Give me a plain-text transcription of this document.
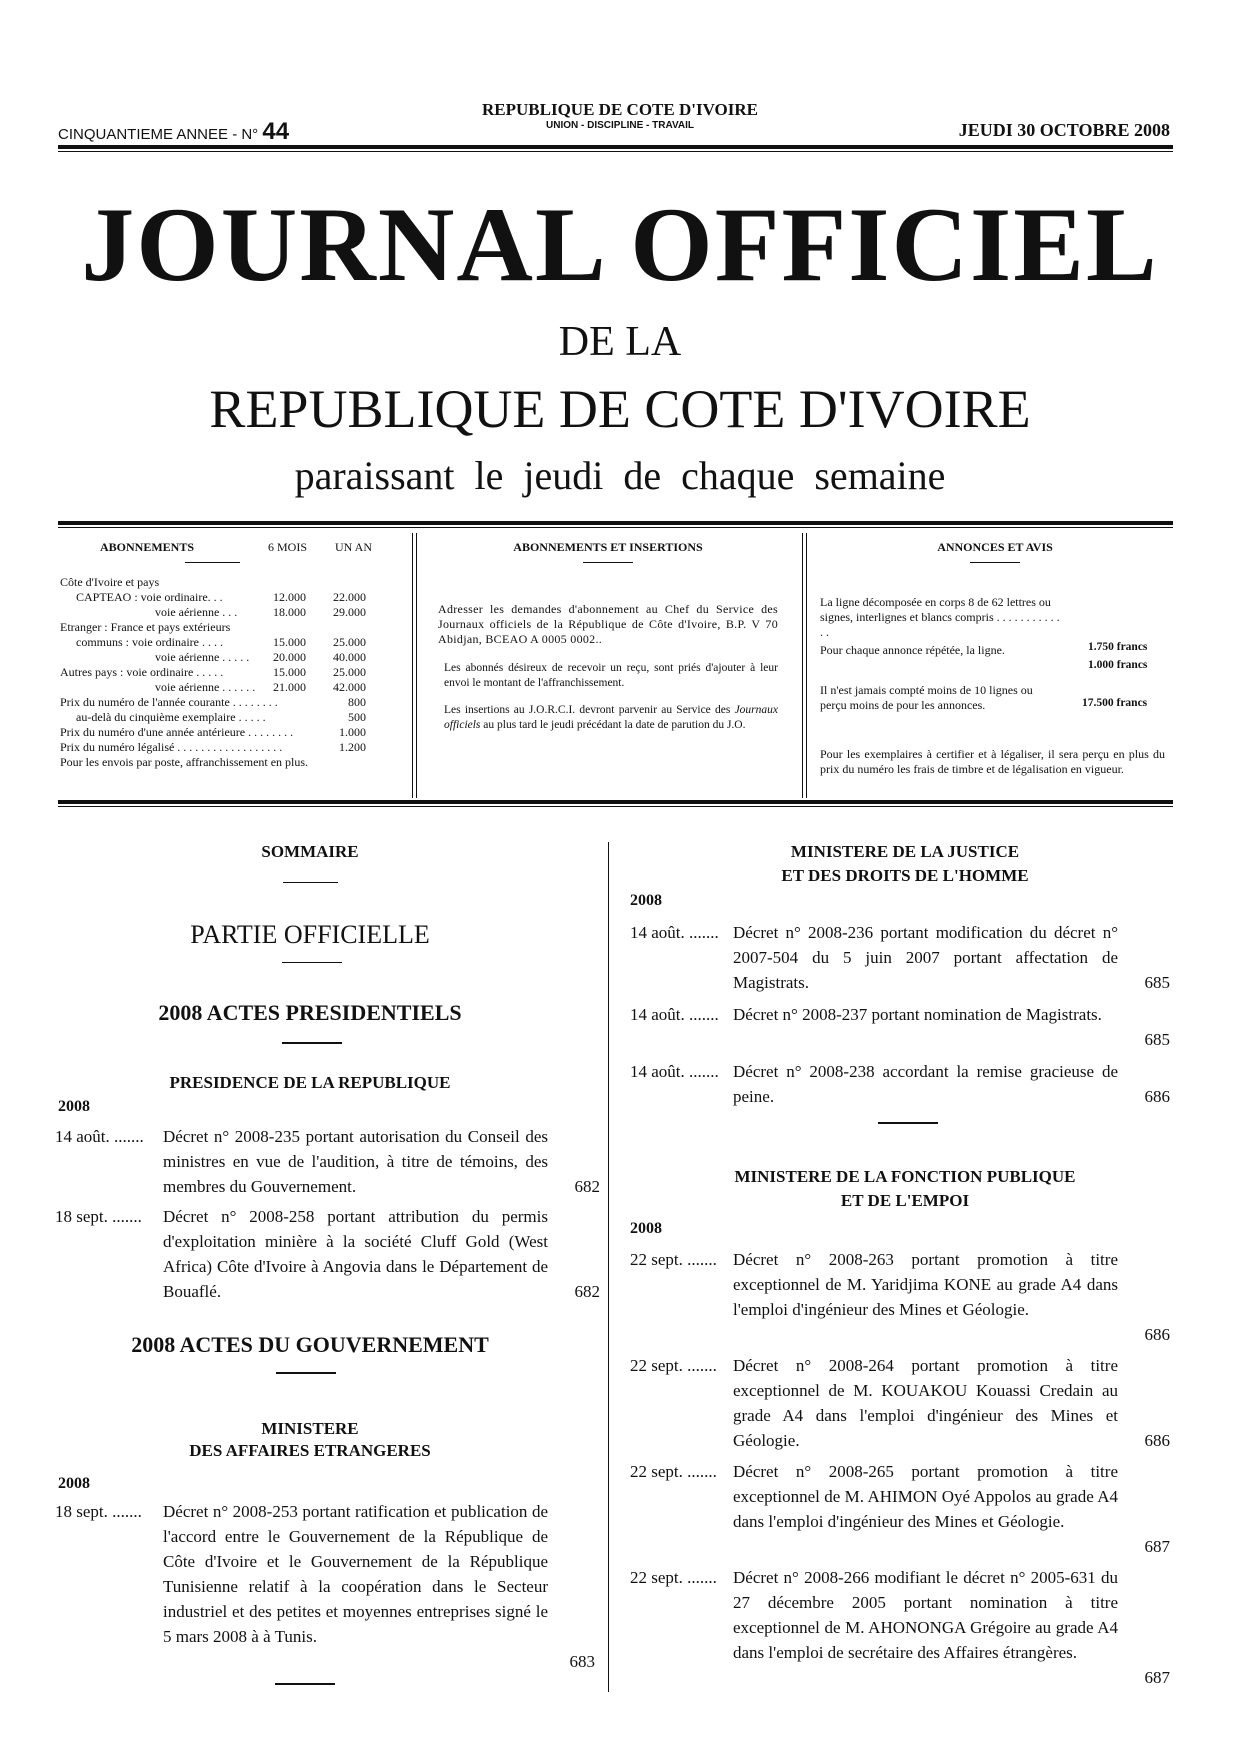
CINQUANTIEME ANNEE - N° 44
REPUBLIQUE DE COTE D'IVOIRE
UNION - DISCIPLINE - TRAVAIL	JEUDI 30 OCTOBRE 2008
JOURNAL OFFICIEL
DE LA
REPUBLIQUE DE COTE D'IVOIRE
paraissant le jeudi de chaque semaine
ABONNEMENTS	6 MOIS UN AN
Côte d'Ivoire et pays
CAPTEAO : voie ordinaire. . .	12.000	22.000
voie aérienne . . .	18.000	29.000
Etranger : France et pays extérieurs
communs : voie ordinaire . . . .	15.000	25.000
voie aérienne . . . . .	20.000	40.000
Autres pays : voie ordinaire . . . . .	15.000	25.000
voie aérienne . . . . . .	21.000	42.000
Prix du numéro de l'année courante . . . . . . . .	800
au-delà du cinquième exemplaire . . . . .	500
Prix du numéro d'une année antérieure . . . . . . . .	1.000
Prix du numéro légalisé . . . . . . . . . . . . . . . . . .	1.200
Pour les envois par poste, affranchissement en plus.
ABONNEMENTS ET INSERTIONS
Adresser les demandes d'abonnement au Chef du Service des Journaux officiels de la République de Côte d'Ivoire, B.P. V 70 Abidjan, BCEAO A 0005 0002..
Les abonnés désireux de recevoir un reçu, sont priés d'ajouter à leur envoi le montant de l'affranchissement.
Les insertions au J.O.R.C.I. devront parvenir au Service des Journaux officiels au plus tard le jeudi précédant la date de parution du J.O.
ANNONCES ET AVIS
La ligne décomposée en corps 8 de 62 lettres ou signes, interlignes et blancs compris . . . . . . . . . . . . .
1.750 francs
Pour chaque annonce répétée, la ligne.
1.000 francs
Il n'est jamais compté moins de 10 lignes ou perçu moins de pour les annonces.	17.500 francs
Pour les exemplaires à certifier et à légaliser, il sera perçu en plus du prix du numéro les frais de timbre et de légalisation en vigueur.
SOMMAIRE
PARTIE OFFICIELLE
2008 ACTES PRESIDENTIELS
PRESIDENCE DE LA REPUBLIQUE
2008
14 août. ....... Décret n° 2008-235 portant autorisation du Conseil des ministres en vue de l'audition, à titre de témoins, des membres du Gouvernement.	682
18 sept. ....... Décret n° 2008-258 portant attribution du permis d'exploitation minière à la société Cluff Gold (West Africa) Côte d'Ivoire à Angovia dans le Département de Bouaflé.	682
2008 ACTES DU GOUVERNEMENT
MINISTERE
DES AFFAIRES ETRANGERES
2008
18 sept. ....... Décret n° 2008-253 portant ratification et publication de l'accord entre le Gouvernement de la République de Côte d'Ivoire et le Gouvernement de la République Tunisienne relatif à la coopération dans le Secteur industriel et des petites et moyennes entreprises signé le 5 mars 2008 à à Tunis.
683
MINISTERE DE LA JUSTICE
ET DES DROITS DE L'HOMME
2008
14 août. ....... Décret n° 2008-236 portant modification du décret n° 2007-504 du 5 juin 2007 portant affectation de Magistrats.	685
14 août. ....... Décret n° 2008-237 portant nomination de Magistrats.
685
14 août. ....... Décret n° 2008-238 accordant la remise gracieuse de peine.	686
MINISTERE DE LA FONCTION PUBLIQUE
ET DE L'EMPOI
2008
22 sept. ....... Décret n° 2008-263 portant promotion à titre exceptionnel de M. Yaridjima KONE au grade A4 dans l'emploi d'ingénieur des Mines et Géologie.
686
22 sept. ....... Décret n° 2008-264 portant promotion à titre exceptionnel de M. KOUAKOU Kouassi Credain au grade A4 dans l'emploi d'ingénieur des Mines et Géologie.	686
22 sept. ....... Décret n° 2008-265 portant promotion à titre exceptionnel de M. AHIMON Oyé Appolos au grade A4 dans l'emploi d'ingénieur des Mines et Géologie.
687
22 sept. ....... Décret n° 2008-266 modifiant le décret n° 2005-631 du 27 décembre 2005 portant nomination à titre exceptionnel de M. AHONONGA Grégoire au grade A4 dans l'emploi de secrétaire des Affaires étrangères.
687
